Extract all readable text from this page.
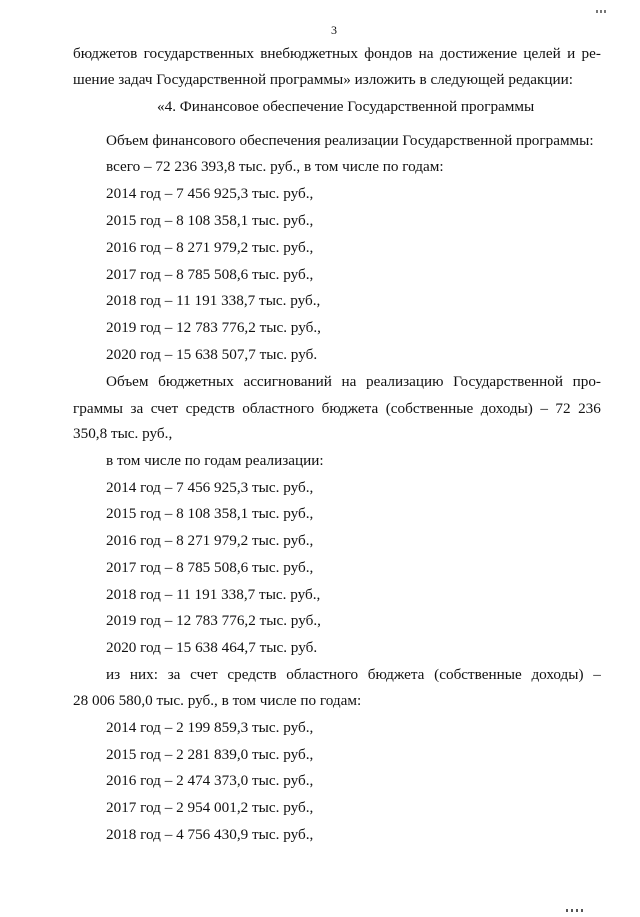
3
бюджетов государственных внебюджетных фондов на достижение целей и ре-
шение задач Государственной программы» изложить в следующей редакции:
«4. Финансовое обеспечение Государственной программы
Объем финансового обеспечения реализации Государственной программы:
всего – 72 236 393,8 тыс. руб., в том числе по годам:
2014 год – 7 456 925,3 тыс. руб.,
2015 год – 8 108 358,1 тыс. руб.,
2016 год – 8 271 979,2 тыс. руб.,
2017 год – 8 785 508,6 тыс. руб.,
2018 год – 11 191 338,7 тыс. руб.,
2019 год – 12 783 776,2 тыс. руб.,
2020 год – 15 638 507,7 тыс. руб.
Объем бюджетных ассигнований на реализацию Государственной про-
граммы за счет средств областного бюджета (собственные доходы) – 72 236
350,8 тыс. руб.,
в том числе по годам реализации:
2014 год – 7 456 925,3 тыс. руб.,
2015 год – 8 108 358,1 тыс. руб.,
2016 год – 8 271 979,2 тыс. руб.,
2017 год – 8 785 508,6 тыс. руб.,
2018 год – 11 191 338,7 тыс. руб.,
2019 год – 12 783 776,2 тыс. руб.,
2020 год – 15 638 464,7 тыс. руб.
из них: за счет средств областного бюджета (собственные доходы) –
28 006 580,0 тыс. руб., в том числе по годам:
2014 год – 2 199 859,3 тыс. руб.,
2015 год – 2 281 839,0 тыс. руб.,
2016 год – 2 474 373,0 тыс. руб.,
2017 год – 2 954 001,2 тыс. руб.,
2018 год – 4 756 430,9 тыс. руб.,
